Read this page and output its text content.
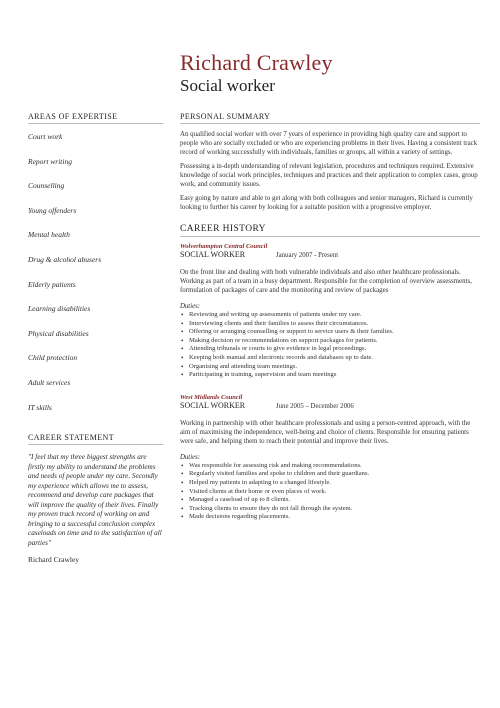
Richard Crawley
Social worker
AREAS OF EXPERTISE
Court work
Report writing
Counselling
Young offenders
Mental health
Drug & alcohol abusers
Elderly patients
Learning disabilities
Physical disabilities
Child protection
Adult services
IT skills
CAREER STATEMENT

"I feel that my three biggest strengths are firstly my ability to understand the problems and needs of people under my care. Secondly my experience which allows me to assess, recommend and develop care packages that will improve the quality of their lives. Finally my proven track record of working on and bringing to a successful conclusion complex caseloads on time and to the satisfaction of all parties"

Richard Crawley
PERSONAL SUMMARY

An qualified social worker with over 7 years of experience in providing high quality care and support to people who are socially excluded or who are experiencing problems in their lives. Having a consistent track record of working successfully with individuals, families or groups, all within a variety of settings.

Possessing a in-depth understanding of relevant legislation, procedures and techniques required. Extensive knowledge of social work principles, techniques and practices and their application to complex cases, group work, and community issues.

Easy going by nature and able to get along with both colleagues and senior managers, Richard is currently looking to further his career by looking for a suitable position with a progressive employer.

CAREER HISTORY
Wolverhampton Central Council
SOCIAL WORKER	January 2007 - Present

On the front line and dealing with both vulnerable individuals and also other healthcare professionals. Working as part of a team in a busy department. Responsible for the completion of overview assessments, formulation of packages of care and the monitoring and review of packages

Duties:
• Reviewing and writing up assessments of patients under my care.
• Interviewing clients and their families to assess their circumstances.
• Offering or arranging counselling or support to service users & their families.
• Making decision or recommendations on support packages for patients.
• Attending tribunals or courts to give evidence in legal proceedings.
• Keeping both manual and electronic records and databases up to date.
• Organising and attending team meetings.
• Participating in training, supervision and team meetings
West Midlands Council
SOCIAL WORKER	June 2005 – December 2006

Working in partnership with other healthcare professionals and using a person-centred approach, with the aim of maximising the independence, well-being and choice of clients. Responsible for ensuring patients were safe, and helping them to reach their potential and improve their lives.

Duties:
• Was responsible for assessing risk and making recommendations.
• Regularly visited families and spoke to children and their guardians.
• Helped my patients in adapting to a changed lifestyle.
• Visited clients at their home or even places of work.
• Managed a caseload of up to 8 clients.
• Tracking clients to ensure they do not fall through the system.
• Made decisions regarding placements.
